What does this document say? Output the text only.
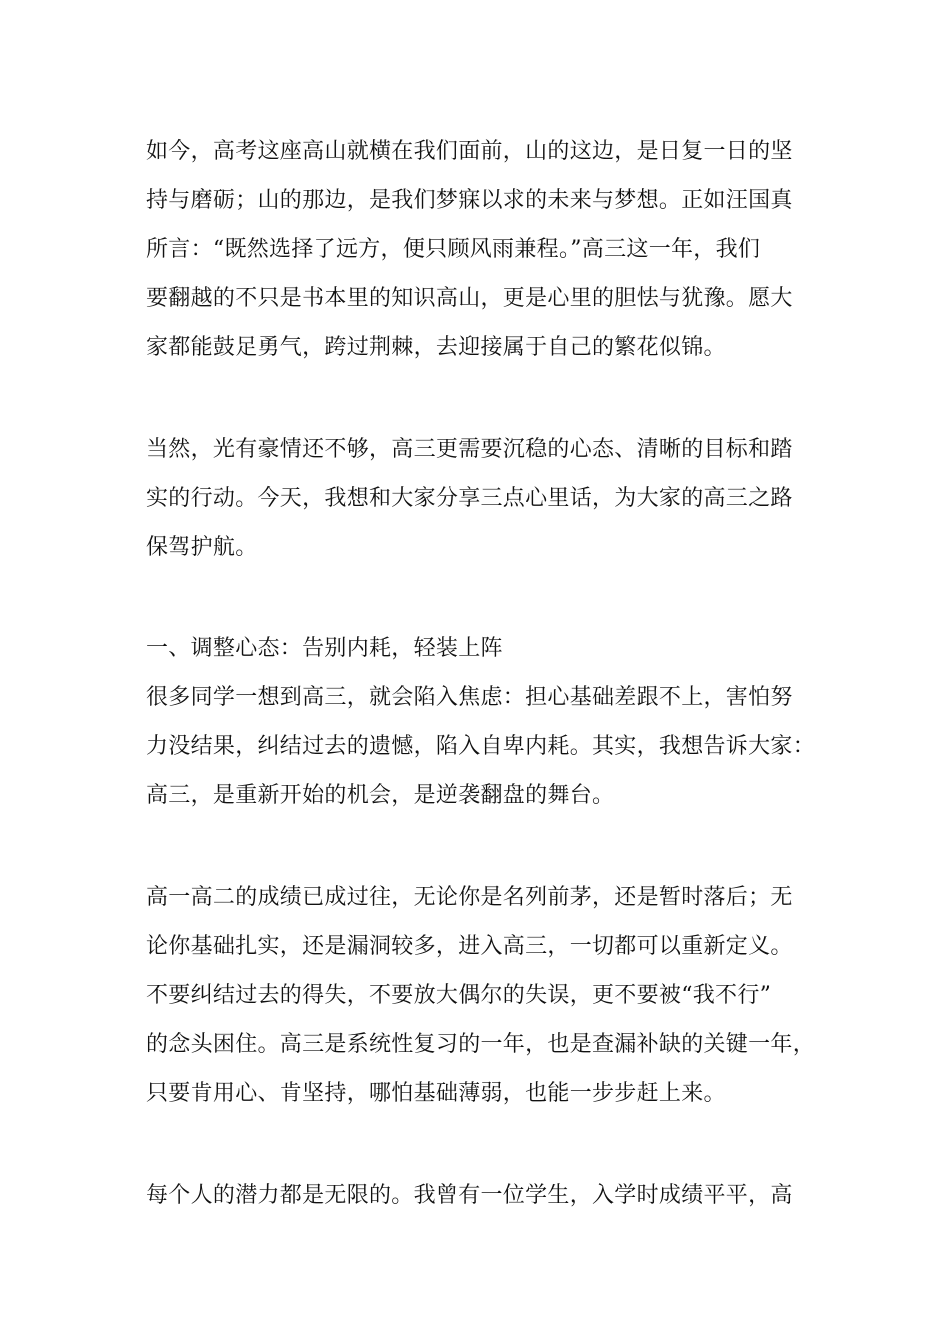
如今，高考这座高山就横在我们面前，山的这边，是日复一日的坚
持与磨砺；山的那边，是我们梦寐以求的未来与梦想。正如汪国真
所言：“既然选择了远方，便只顾风雨兼程。”高三这一年，我们
要翻越的不只是书本里的知识高山，更是心里的胆怯与犹豫。愿大
家都能鼓足勇气，跨过荆棘，去迎接属于自己的繁花似锦。
当然，光有豪情还不够，高三更需要沉稳的心态、清晰的目标和踏
实的行动。今天，我想和大家分享三点心里话，为大家的高三之路
保驾护航。
一、调整心态：告别内耗，轻装上阵
很多同学一想到高三，就会陷入焦虑：担心基础差跟不上，害怕努
力没结果，纠结过去的遗憾，陷入自卑内耗。其实，我想告诉大家：
高三，是重新开始的机会，是逆袭翻盘的舞台。
高一高二的成绩已成过往，无论你是名列前茅，还是暂时落后；无
论你基础扎实，还是漏洞较多，进入高三，一切都可以重新定义。
不要纠结过去的得失，不要放大偶尔的失误，更不要被“我不行”
的念头困住。高三是系统性复习的一年，也是查漏补缺的关键一年，
只要肯用心、肯坚持，哪怕基础薄弱，也能一步步赶上来。
每个人的潜力都是无限的。我曾有一位学生，入学时成绩平平，高
